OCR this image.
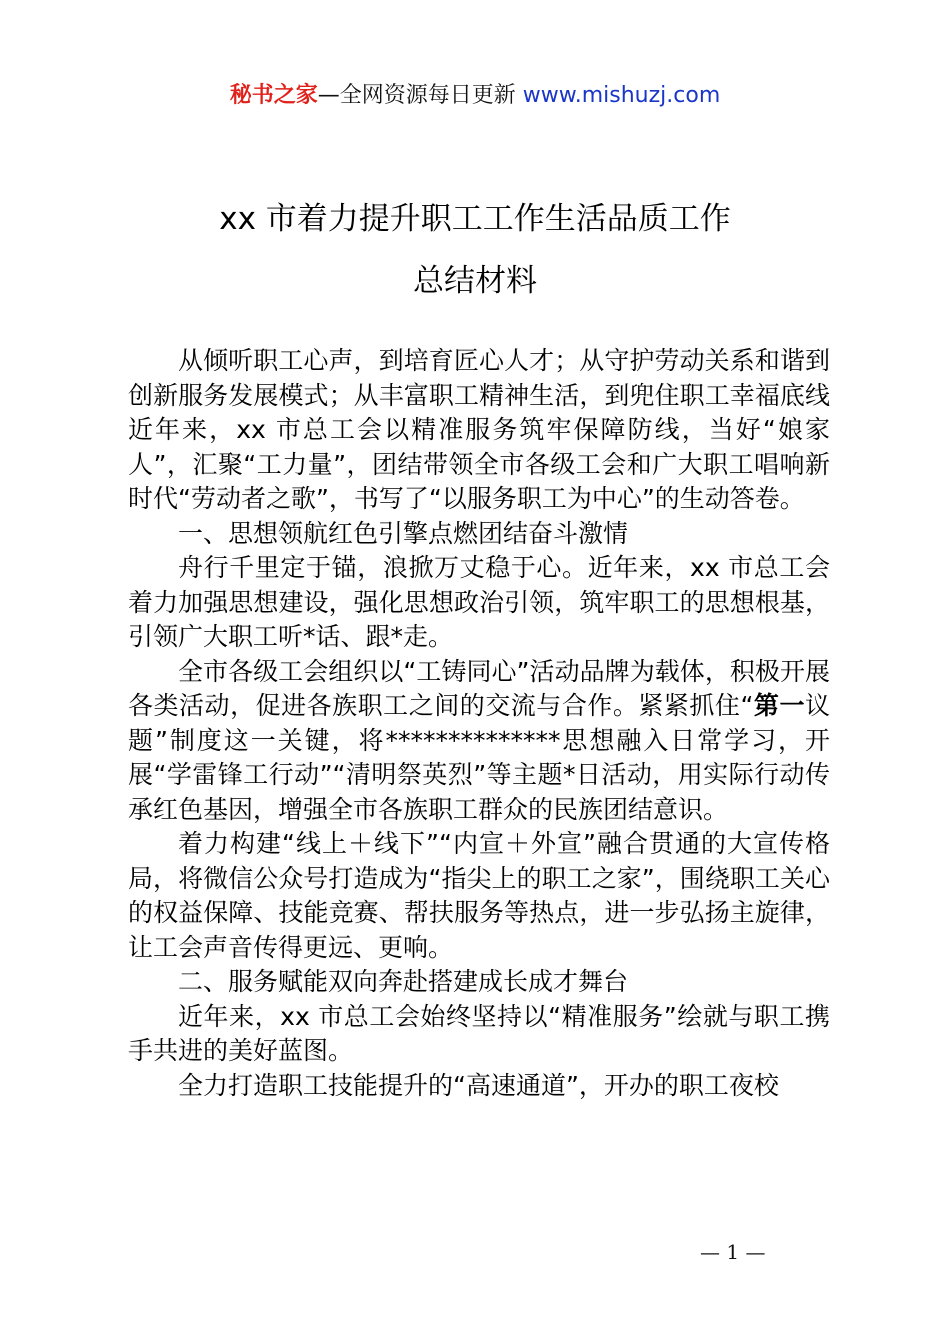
秘书之家—全网资源每日更新 www.mishuzj.com
xx 市着力提升职工工作生活品质工作
总结材料

从倾听职工心声，到培育匠心人才；从守护劳动关系和谐到创新服务发展模式；从丰富职工精神生活，到兜住职工幸福底线近年来，xx 市总工会以精准服务筑牢保障防线，当好“娘家人”，汇聚“工力量”，团结带领全市各级工会和广大职工唱响新时代“劳动者之歌”，书写了“以服务职工为中心”的生动答卷。

一、思想领航红色引擎点燃团结奋斗激情

舟行千里定于锚，浪掀万丈稳于心。近年来，xx 市总工会着力加强思想建设，强化思想政治引领，筑牢职工的思想根基，引领广大职工听*话、跟*走。

全市各级工会组织以“工铸同心”活动品牌为载体，积极开展各类活动，促进各族职工之间的交流与合作。紧紧抓住“第一议题”制度这一关键，将**************思想融入日常学习，开展“学雷锋工行动”“清明祭英烈”等主题*日活动，用实际行动传承红色基因，增强全市各族职工群众的民族团结意识。

着力构建“线上＋线下”“内宣＋外宣”融合贯通的大宣传格局，将微信公众号打造成为“指尖上的职工之家”，围绕职工关心的权益保障、技能竞赛、帮扶服务等热点，进一步弘扬主旋律，让工会声音传得更远、更响。

二、服务赋能双向奔赴搭建成长成才舞台

近年来，xx 市总工会始终坚持以“精准服务”绘就与职工携手共进的美好蓝图。

全力打造职工技能提升的“高速通道”，开办的职工夜校

— 1 —
